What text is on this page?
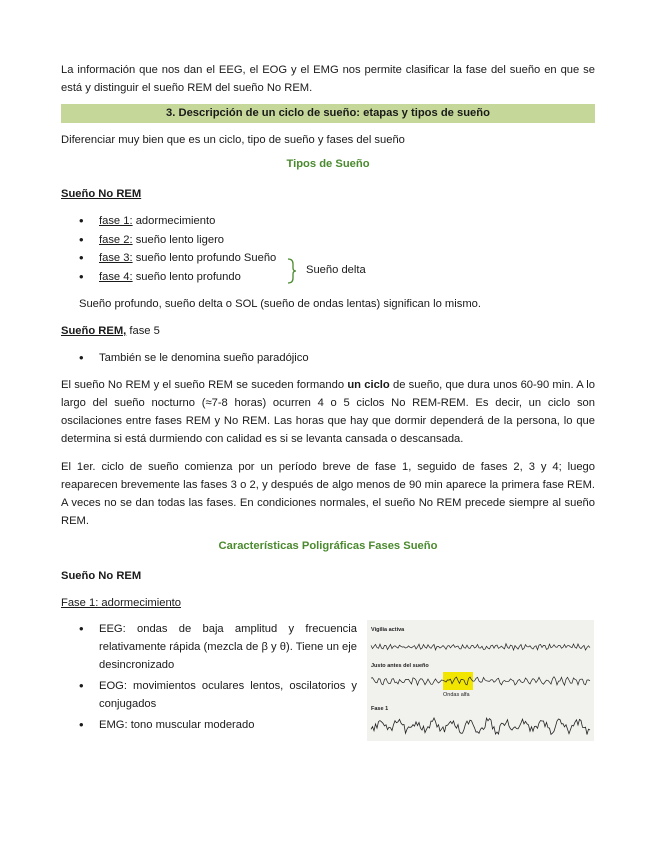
La información que nos dan el EEG, el EOG y el EMG nos permite clasificar la fase del sueño en que se está y distinguir el sueño REM del sueño No REM.

3. Descripción de un ciclo de sueño: etapas y tipos de sueño
Diferenciar muy bien que es un ciclo, tipo de sueño y fases del sueño
Tipos de Sueño
Sueño No REM
• fase 1: adormecimiento
• fase 2: sueño lento ligero
• fase 3: sueño lento profundo Sueño
• fase 4: sueño lento profundo
Sueño delta
Sueño profundo, sueño delta o SOL (sueño de ondas lentas) significan lo mismo.
Sueño REM, fase 5
• También se le denomina sueño paradójico

El sueño No REM y el sueño REM se suceden formando un ciclo de sueño, que dura unos 60-90 min. A lo largo del sueño nocturno (≈7-8 horas) ocurren 4 o 5 ciclos No REM-REM. Es decir, un ciclo son oscilaciones entre fases REM y No REM. Las horas que hay que dormir dependerá de la persona, lo que determina si está durmiendo con calidad es si se levanta cansada o descansada.

El 1er. ciclo de sueño comienza por un período breve de fase 1, seguido de fases 2, 3 y 4; luego reaparecen brevemente las fases 3 o 2, y después de algo menos de 90 min aparece la primera fase REM. A veces no se dan todas las fases. En condiciones normales, el sueño No REM precede siempre al sueño REM.

Características Poligráficas Fases Sueño
Sueño No REM
Fase 1: adormecimiento
• EEG: ondas de baja amplitud y frecuencia relativamente rápida (mezcla de β y θ). Tiene un eje desincronizado
• EOG: movimientos oculares lentos, oscilatorios y conjugados
• EMG: tono muscular moderado
Vigilia activa
Justo antes del sueño
Ondas alfa
Fase 1
